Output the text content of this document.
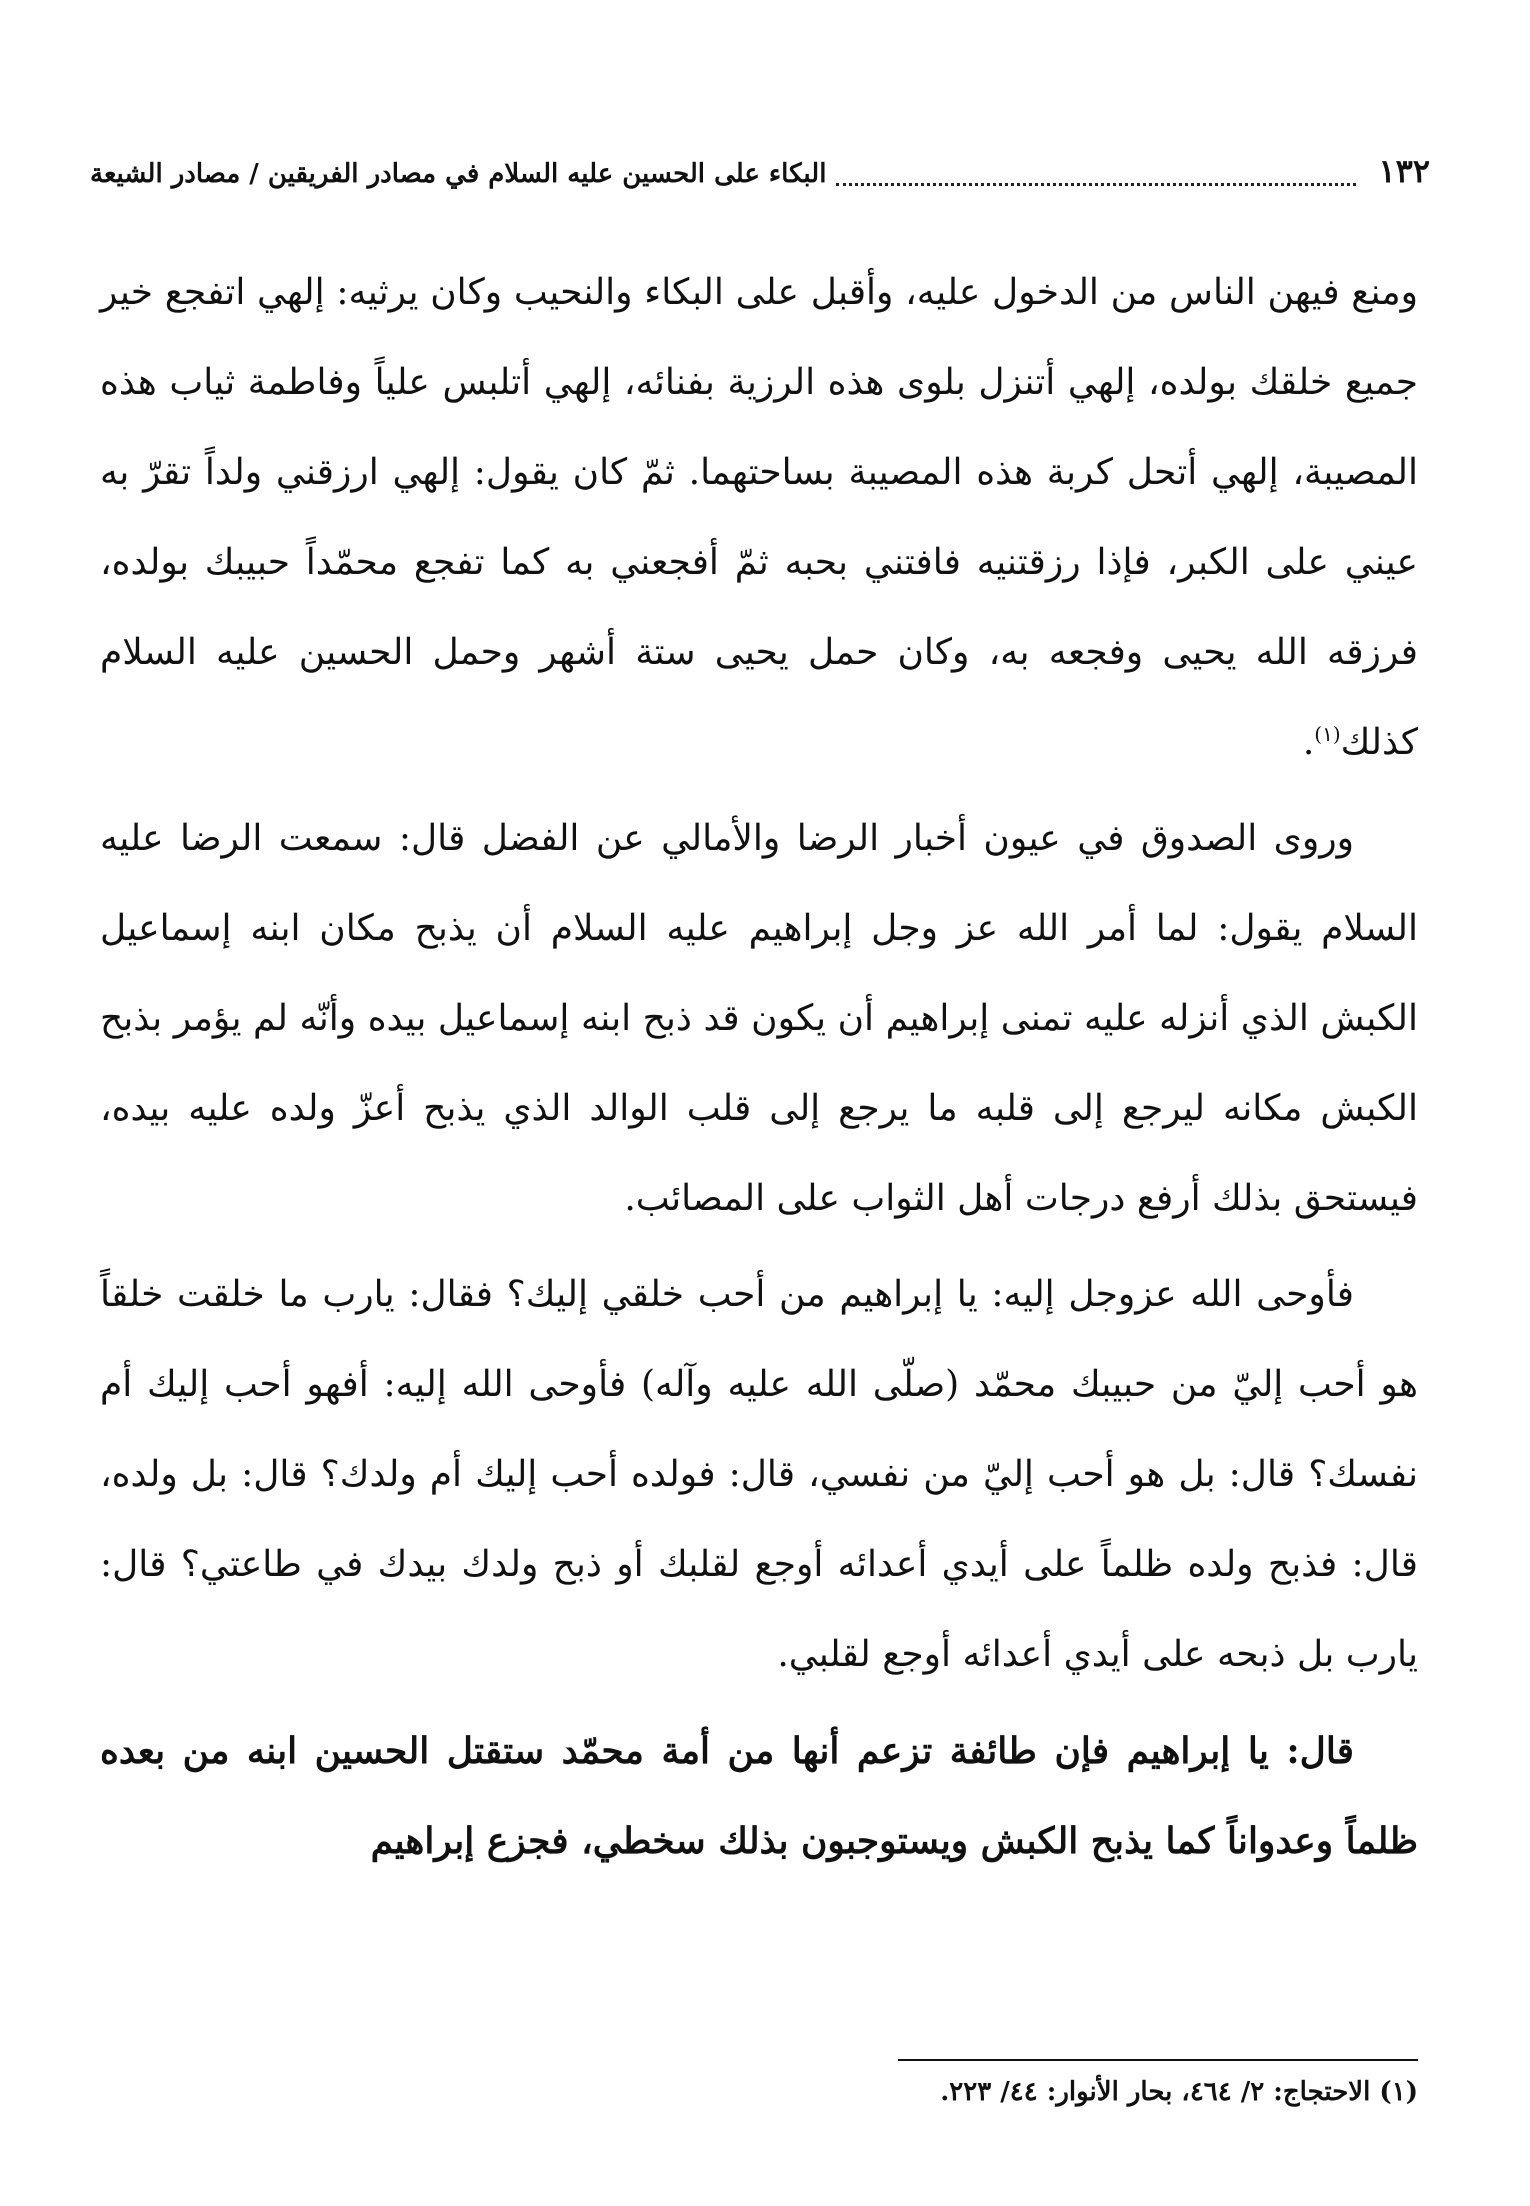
١٣٢
البكاء على الحسين عليه السلام في مصادر الفريقين / مصادر الشيعة

ومنع فيهن الناس من الدخول عليه، وأقبل على البكاء والنحيب وكان يرثيه: إلهي اتفجع خير جميع خلقك بولده، إلهي أتنزل بلوى هذه الرزية بفنائه، إلهي أتلبس علياً وفاطمة ثياب هذه المصيبة، إلهي أتحل كربة هذه المصيبة بساحتهما. ثمّ كان يقول: إلهي ارزقني ولداً تقرّ به عيني على الكبر، فإذا رزقتنيه فافتني بحبه ثمّ أفجعني به كما تفجع محمّداً حبيبك بولده، فرزقه الله يحيى وفجعه به، وكان حمل يحيى ستة أشهر وحمل الحسين عليه السلام كذلك$^{(١)}$.

وروى الصدوق في عيون أخبار الرضا والأمالي عن الفضل قال: سمعت الرضا عليه السلام يقول: لما أمر الله عز وجل إبراهيم عليه السلام أن يذبح مكان ابنه إسماعيل الكبش الذي أنزله عليه تمنى إبراهيم أن يكون قد ذبح ابنه إسماعيل بيده وأنّه لم يؤمر بذبح الكبش مكانه ليرجع إلى قلبه ما يرجع إلى قلب الوالد الذي يذبح أعزّ ولده عليه بيده، فيستحق بذلك أرفع درجات أهل الثواب على المصائب.

فأوحى الله عزوجل إليه: يا إبراهيم من أحب خلقي إليك؟ فقال: يارب ما خلقت خلقاً هو أحب إليّ من حبيبك محمّد (صلّى الله عليه وآله) فأوحى الله إليه: أفهو أحب إليك أم نفسك؟ قال: بل هو أحب إليّ من نفسي، قال: فولده أحب إليك أم ولدك؟ قال: بل ولده، قال: فذبح ولده ظلماً على أيدي أعدائه أوجع لقلبك أو ذبح ولدك بيدك في طاعتي؟ قال: يارب بل ذبحه على أيدي أعدائه أوجع لقلبي.

قال: يا إبراهيم فإن طائفة تزعم أنها من أمة محمّد ستقتل الحسين ابنه من بعده ظلماً وعدواناً كما يذبح الكبش ويستوجبون بذلك سخطي، فجزع إبراهيم

(١) الاحتجاج: ٢/ ٤٦٤، بحار الأنوار: ٤٤/ ٢٢٣.
